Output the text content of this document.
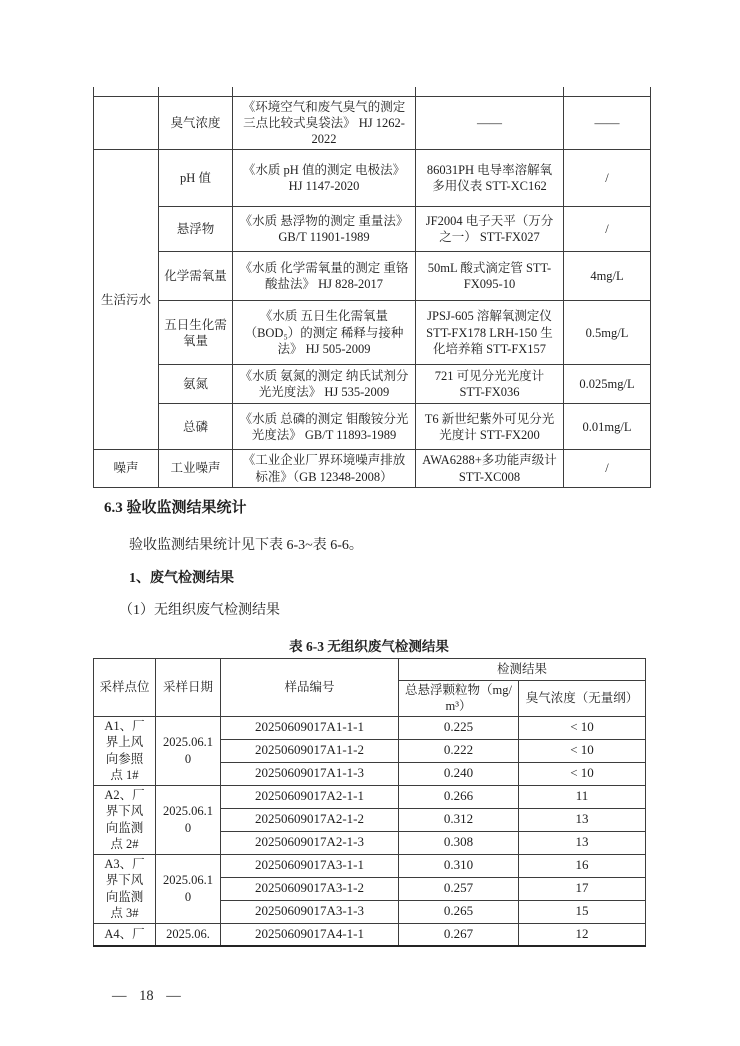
	臭气浓度	《环境空气和废气臭气的测定三点比较式臭袋法》 HJ 1262-2022	——	——
生活污水	pH 值	《水质 pH 值的测定 电极法》 HJ 1147-2020	86031PH 电导率溶解氧多用仪表 STT-XC162	/
	悬浮物	《水质 悬浮物的测定 重量法》 GB/T 11901-1989	JF2004 电子天平（万分之一） STT-FX027	/
	化学需氧量	《水质 化学需氧量的测定 重铬酸盐法》 HJ 828-2017	50mL 酸式滴定管 STT-FX095-10	4mg/L
	五日生化需氧量	《水质 五日生化需氧量（BOD₅）的测定 稀释与接种法》 HJ 505-2009	JPSJ-605 溶解氧测定仪 STT-FX178 LRH-150 生化培养箱 STT-FX157	0.5mg/L
	氨氮	《水质 氨氮的测定 纳氏试剂分光光度法》 HJ 535-2009	721 可见分光光度计 STT-FX036	0.025mg/L
	总磷	《水质 总磷的测定 钼酸铵分光光度法》 GB/T 11893-1989	T6 新世纪紫外可见分光光度计 STT-FX200	0.01mg/L
噪声	工业噪声	《工业企业厂界环境噪声排放标准》（GB 12348-2008）	AWA6288+多功能声级计 STT-XC008	/
6.3 验收监测结果统计
验收监测结果统计见下表 6-3~表 6-6。
1、废气检测结果
（1）无组织废气检测结果
表 6-3 无组织废气检测结果
采样点位	采样日期	样品编号	检测结果	
			总悬浮颗粒物（mg/m³）	臭气浓度（无量纲）
A1、厂界上风向参照点 1#	2025.06.10	20250609017A1-1-1	0.225	< 10
		20250609017A1-1-2	0.222	< 10
		20250609017A1-1-3	0.240	< 10
A2、厂界下风向监测点 2#	2025.06.10	20250609017A2-1-1	0.266	11
		20250609017A2-1-2	0.312	13
		20250609017A2-1-3	0.308	13
A3、厂界下风向监测点 3#	2025.06.10	20250609017A3-1-1	0.310	16
		20250609017A3-1-2	0.257	17
		20250609017A3-1-3	0.265	15
A4、厂	2025.06.	20250609017A4-1-1	0.267	12
— 18 —
